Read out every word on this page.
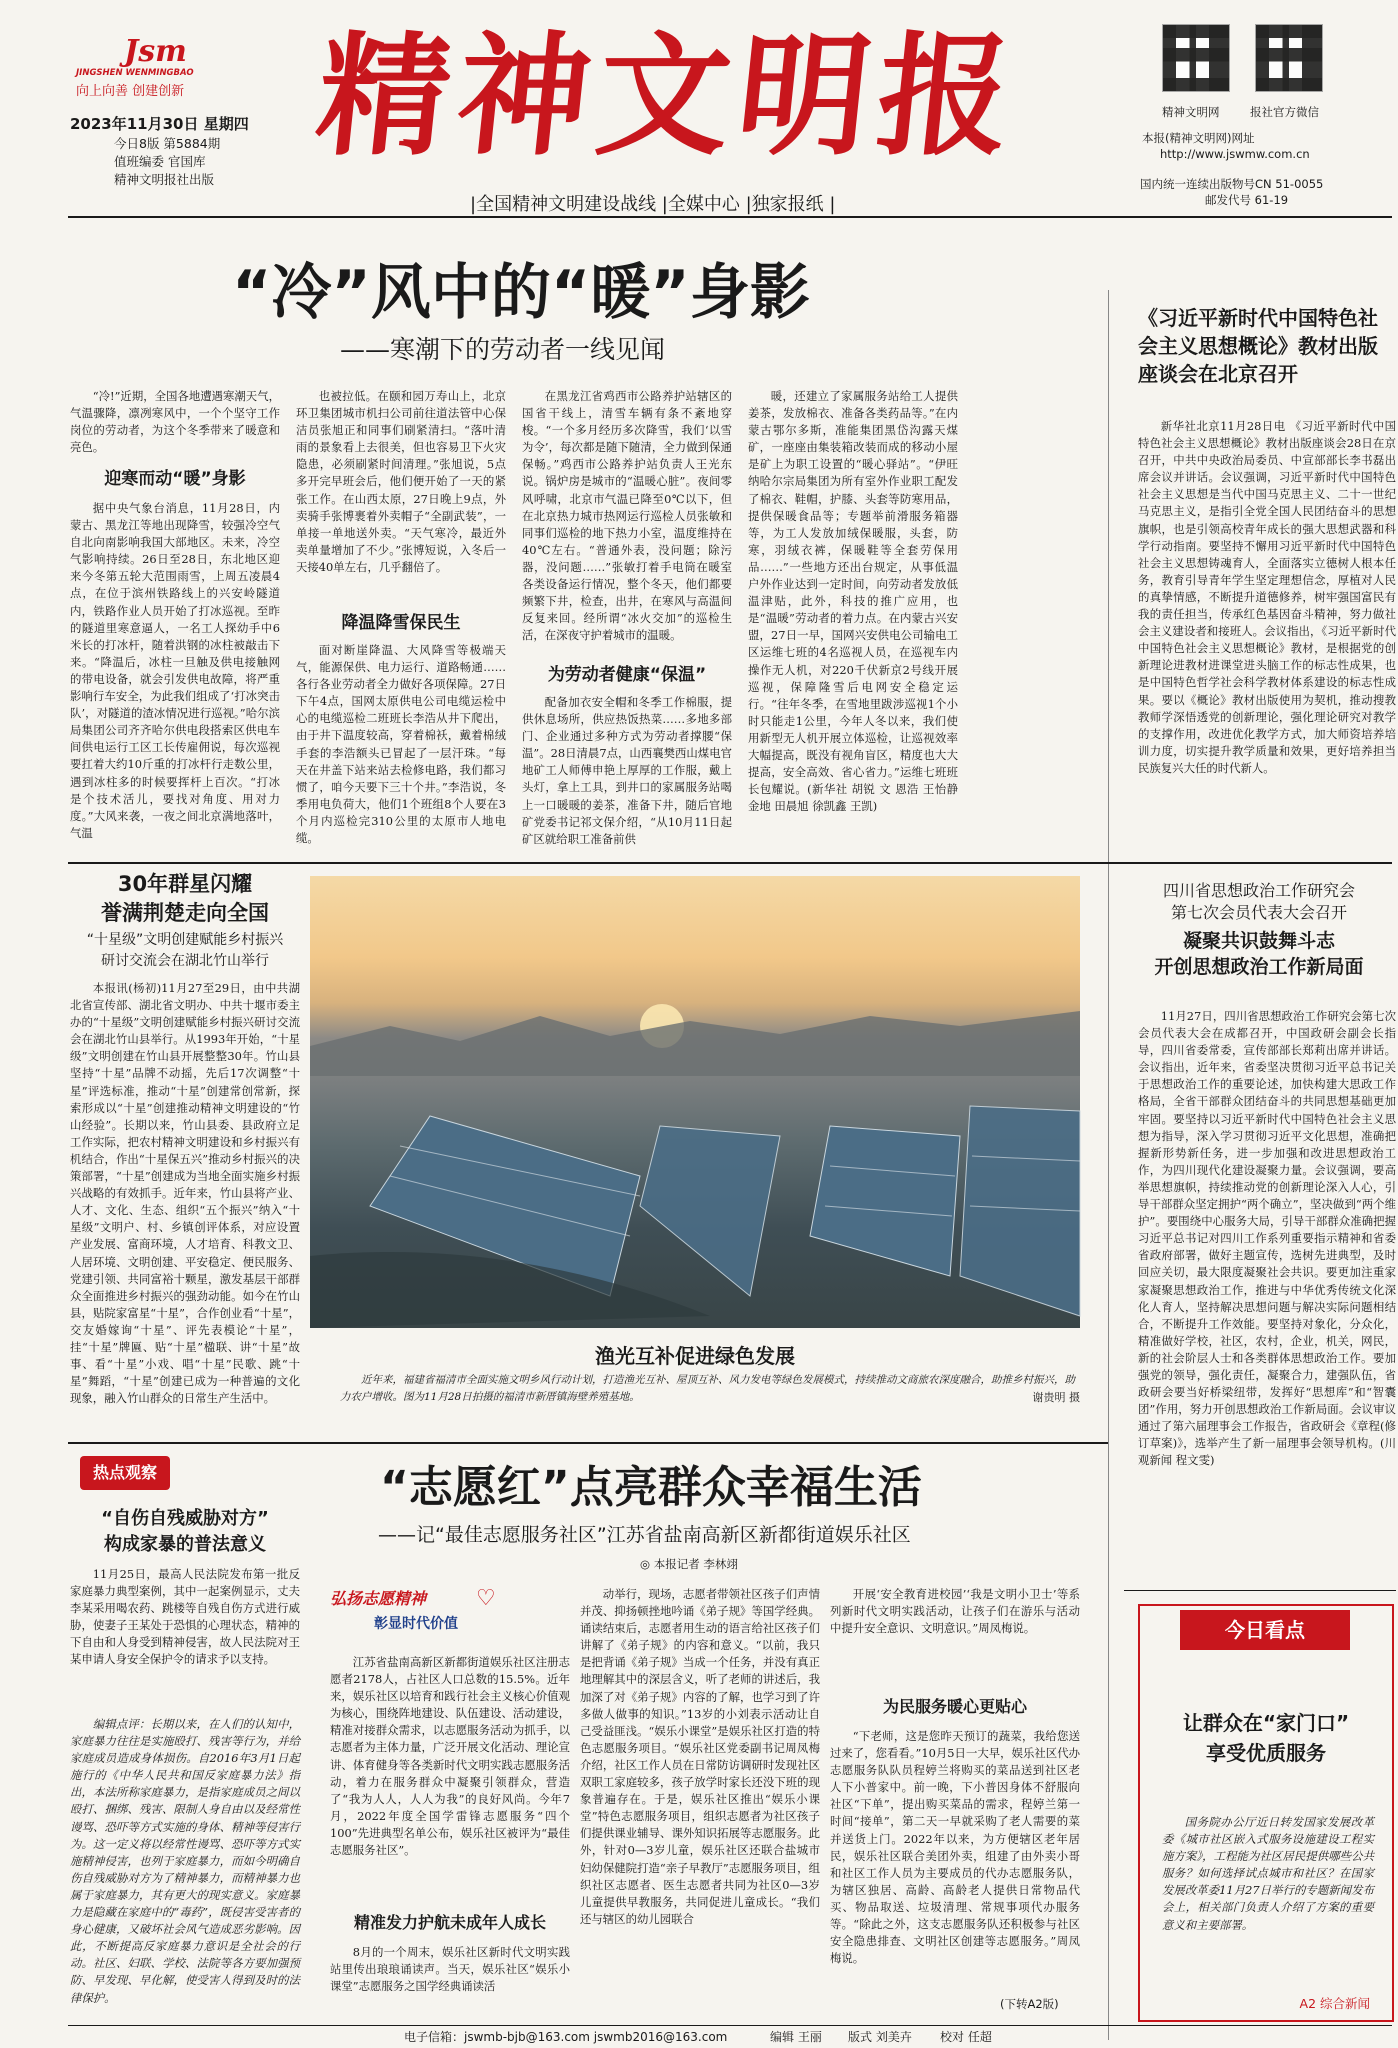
Jsm
JINGSHEN WENMINGBAO
向上向善 创建创新
2023年11月30日 星期四
今日8版 第5884期
值班编委 官国库
精神文明报社出版
精神文明报
|全国精神文明建设战线 |全媒中心 |独家报纸 |
精神文明网	报社官方微信
本报(精神文明网)网址
http://www.jswmw.com.cn
国内统一连续出版物号CN 51-0055
邮发代号 61-19
“冷”风中的“暖”身影
——寒潮下的劳动者一线见闻
“冷!”近期，全国各地遭遇寒潮天气，气温骤降，凛冽寒风中，一个个坚守工作岗位的劳动者，为这个冬季带来了暖意和亮色。
迎寒而动“暖”身影
据中央气象台消息，11月28日，内蒙古、黑龙江等地出现降雪，较强冷空气自北向南影响我国大部地区。未来，冷空气影响持续。26日至28日，东北地区迎来今冬第五轮大范围雨雪，上周五凌晨4点，在位于滨州铁路线上的兴安岭隧道内，铁路作业人员开始了打冰巡视。至昨的隧道里寒意逼人，一名工人探幼手中6米长的打冰杆，随着洪钢的冰柱被敲击下来。“降温后，冰柱一旦触及供电接触网的带电设备，就会引发供电故障，将严重影响行车安全，为此我们组成了‘打冰突击队’，对隧道的渣冰情况进行巡视。”哈尔滨局集团公司齐齐哈尔供电段搭索区供电车间供电运行工区工长传雇佣说，每次巡视要扛着大约10斤重的打冰杆行走数公里，遇到冰柱多的时候要挥杆上百次。“打冰是个技术活儿，要找对角度、用对力度。”大风来袭，一夜之间北京满地落叶，气温
也被拉低。在颐和园万寿山上，北京环卫集团城市机扫公司前往道法管中心保洁员张旭正和同事们刷紧清扫。“落叶清雨的景象看上去很美，但也容易卫下火灾隐患，必须刷紧时间清理。”张旭说，5点多开完早班会后，他们便开始了一天的紧张工作。在山西太原，27日晚上9点，外卖骑手张博裹着外卖帽子“全副武装”，一单接一单地送外卖。“天气寒冷，最近外卖单量增加了不少。”张博短说，入冬后一天接40单左右，几乎翻倍了。
降温降雪保民生
面对断崖降温、大风降雪等极端天气，能源保供、电力运行、道路畅通……各行各业劳动者全力做好各项保障。27日下午4点，国网太原供电公司电缆运检中心的电缆巡检二班班长李浩从井下爬出，由于井下温度较高，穿着棉袄，戴着棉绒手套的李浩额头已冒起了一层汗珠。“每天在井盖下站来站去检修电路，我们都习惯了，咱今天要下三十个井。”李浩说，冬季用电负荷大，他们1个班组8个人要在3个月内巡检完310公里的太原市人地电缆。
在黑龙江省鸡西市公路养护站辖区的国省干线上，清雪车辆有条不紊地穿梭。“一个多月经历多次降雪，我们‘以雪为令’，每次都是随下随清，全力做到保通保畅。”鸡西市公路养护站负责人王光东说。锅炉房是城市的“温暖心脏”。夜间零风呼啸，北京市气温已降至0℃以下，但在北京热力城市热网运行巡检人员张敏和同事们巡检的地下热力小室，温度维持在40℃左右。“普通外表，没问题；除污器，没问题……”张敏打着手电筒在暖室各类设备运行情况，整个冬天，他们都要频繁下井，检查，出井，在寒风与高温间反复来回。经所谓“冰火交加”的巡检生活，在深夜守护着城市的温暖。
为劳动者健康“保温”
配备加衣安全帽和冬季工作棉服，提供休息场所，供应热饭热菜……多地多部门、企业通过多种方式为劳动者撑腰“保温”。28日清晨7点，山西襄樊西山煤电官地矿工人师傅申艳上厚厚的工作服，戴上头灯，拿上工具，到井口的家属服务站喝上一口暖暖的姜茶，准备下井，随后官地矿党委书记祁文保介绍，“从10月11日起矿区就给职工准备前供
暖，还建立了家属服务站给工人提供姜茶，发放棉衣、准备各类药品等。”在内蒙古鄂尔多斯，准能集团黑岱沟露天煤矿，一座座由集装箱改装而成的移动小屋是矿上为职工设置的“暖心驿站”。“伊旺纳哈尔宗局集团为所有室外作业职工配发了棉衣、鞋帽，护膝、头套等防寒用品，提供保暖食品等；专题举前滑服务箱器等，为工人发放加绒保暖服，头套，防寒，羽绒衣裤，保暖鞋等全套劳保用品……”一些地方还出台规定，从事低温户外作业达到一定时间，向劳动者发放低温津贴，此外，科技的推广应用，也是“温暖”劳动者的着力点。在内蒙古兴安盟，27日一早，国网兴安供电公司输电工区运维七班的4名巡视人员，在巡视车内操作无人机，对220千伏新京2号线开展巡视，保障隆雪后电网安全稳定运行。“往年冬季，在雪地里跋涉巡视1个小时只能走1公里，今年人冬以来，我们使用新型无人机开展立体巡检，让巡视效率大幅提高，既没有视角盲区，精度也大大提高，安全高效、省心省力。”运维七班班长包耀说。(新华社 胡锐 文 恩浩 王怡静 金地 田晨旭 徐凯鑫 王凯)
《习近平新时代中国特色社会主义思想概论》教材出版座谈会在北京召开
新华社北京11月28日电 《习近平新时代中国特色社会主义思想概论》教材出版座谈会28日在京召开，中共中央政治局委员、中宣部部长李书磊出席会议并讲话。会议强调，习近平新时代中国特色社会主义思想是当代中国马克思主义、二十一世纪马克思主义，是指引全党全国人民团结奋斗的思想旗帜，也是引领高校青年成长的强大思想武器和科学行动指南。要坚持不懈用习近平新时代中国特色社会主义思想铸魂育人，全面落实立德树人根本任务，教育引导青年学生坚定理想信念，厚植对人民的真挚情感，不断提升道德修养，树牢强国富民有我的责任担当，传承红色基因奋斗精神，努力做社会主义建设者和接班人。会议指出，《习近平新时代中国特色社会主义思想概论》教材，是根据党的创新理论进教材进课堂进头脑工作的标志性成果，也是中国特色哲学社会科学教材体系建设的标志性成果。要以《概论》教材出版使用为契机，推动搜教教师学深悟透党的创新理论，强化理论研究对教学的支撑作用，改进优化教学方式，加大师资培养培训力度，切实提升教学质量和效果，更好培养担当民族复兴大任的时代新人。
30年群星闪耀
誉满荆楚走向全国
“十星级”文明创建赋能乡村振兴
研讨交流会在湖北竹山举行
本报讯(杨初)11月27至29日，由中共湖北省宣传部、湖北省文明办、中共十堰市委主办的“十星级”文明创建赋能乡村振兴研讨交流会在湖北竹山县举行。从1993年开始，“十星级”文明创建在竹山县开展整整30年。竹山县坚持“十星”品牌不动摇，先后17次调整“十星”评选标准，推动“十星”创建常创常新，探索形成以“十星”创建推动精神文明建设的“竹山经验”。长期以来，竹山县委、县政府立足工作实际，把农村精神文明建设和乡村振兴有机结合，作出“十星保五兴”推动乡村振兴的决策部署，“十星”创建成为当地全面实施乡村振兴战略的有效抓手。近年来，竹山县将产业、人才、文化、生态、组织“五个振兴”纳入“十星级”文明户、村、乡镇创评体系，对应设置产业发展、富商环境，人才培育、科教文卫、人居环境、文明创建、平安稳定、便民服务、党建引领、共同富裕十颗星，激发基层干部群众全面推进乡村振兴的强劲动能。如今在竹山县，贴院家富星“十星”，合作创业看“十星”，交友婚嫁询“十星”、评先表模论“十星”，挂“十星”牌匾、贴“十星”楹联、讲“十星”故事、看“十星”小戏、唱“十星”民歌、跳“十星”舞蹈，“十星”创建已成为一种普遍的文化现象，融入竹山群众的日常生产生活中。
渔光互补促进绿色发展
近年来，福建省福清市全面实施文明乡风行动计划，打造渔光互补、屋顶互补、风力发电等绿色发展模式，持续推动文商旅农深度融合，助推乡村振兴，助力农户增收。图为11月28日拍摄的福清市新厝镇海壁养殖基地。	谢贵明 摄
四川省思想政治工作研究会
第七次会员代表大会召开
凝聚共识鼓舞斗志
开创思想政治工作新局面
11月27日，四川省思想政治工作研究会第七次会员代表大会在成都召开，中国政研会副会长指导，四川省委常委，宣传部部长郑莉出席并讲话。会议指出，近年来，省委坚决贯彻习近平总书记关于思想政治工作的重要论述，加快构建大思政工作格局，全省干部群众团结奋斗的共同思想基础更加牢固。要坚持以习近平新时代中国特色社会主义思想为指导，深入学习贯彻习近平文化思想，准确把握新形势新任务，进一步加强和改进思想政治工作，为四川现代化建设凝聚力量。会议强调，要高举思想旗帜，持续推动党的创新理论深入人心，引导干部群众坚定拥护“两个确立”，坚决做到“两个维护”。要围绕中心服务大局，引导干部群众准确把握习近平总书记对四川工作系列重要指示精神和省委省政府部署，做好主题宣传，选树先进典型，及时回应关切，最大限度凝聚社会共识。要更加注重家家凝聚思想政治工作，推进与中华优秀传统文化深化人育人，坚持解决思想问题与解决实际问题相结合，不断提升工作效能。要坚持对象化，分众化，精准做好学校，社区，农村，企业，机关，网民，新的社会阶层人士和各类群体思想政治工作。要加强党的领导，强化责任，凝聚合力，建强队伍，省政研会要当好桥梁纽带，发挥好“思想库”和“智囊团”作用，努力开创思想政治工作新局面。会议审议通过了第六届理事会工作报告，省政研会《章程(修订草案)》，选举产生了新一届理事会领导机构。(川观新闻 程文雯)
热点观察
“自伤自残威胁对方”
构成家暴的普法意义
11月25日，最高人民法院发布第一批反家庭暴力典型案例，其中一起案例显示，丈夫李某采用喝农药、跳楼等自残自伤方式进行威胁，使妻子王某处于恐惧的心理状态，精神的下自由和人身受到精神侵害，故人民法院对王某申请人身安全保护令的请求予以支持。
编辑点评：长期以来，在人们的认知中，家庭暴力往往是实施殴打、残害等行为，并给家庭成员造成身体损伤。自2016年3月1日起施行的《中华人民共和国反家庭暴力法》指出，本法所称家庭暴力，是指家庭成员之间以殴打、捆绑、残害、限制人身自由以及经常性谩骂、恐吓等方式实施的身体、精神等侵害行为。这一定义将以经常性谩骂、恐吓等方式实施精神侵害，也列于家庭暴力，而如今明确自伤自残威胁对方为了精神暴力，而精神暴力也属于家庭暴力，其有更大的现实意义。家庭暴力是隐藏在家庭中的“毒药”，既侵害受害者的身心健康，又破坏社会风气造成恶劣影响。因此，不断提高反家庭暴力意识是全社会的行动。社区、妇联、学校、法院等各方要加强预防、早发现、早化解，使受害人得到及时的法律保护。
“志愿红”点亮群众幸福生活
——记“最佳志愿服务社区”江苏省盐南高新区新都街道娱乐社区
◎ 本报记者 李林翊
弘扬志愿精神
彰显时代价值
♡
江苏省盐南高新区新都街道娱乐社区注册志愿者2178人，占社区人口总数的15.5%。近年来，娱乐社区以培育和践行社会主义核心价值观为核心，围绕阵地建设、队伍建设、活动建设，精准对接群众需求，以志愿服务活动为抓手，以志愿者为主体力量，广泛开展文化活动、理论宣讲、体育健身等各类新时代文明实践志愿服务活动，着力在服务群众中凝聚引领群众，营造了“我为人人，人人为我”的良好风尚。今年7月，2022年度全国学雷锋志愿服务“四个100”先进典型名单公布，娱乐社区被评为“最佳志愿服务社区”。
精准发力护航未成年人成长
8月的一个周末，娱乐社区新时代文明实践站里传出琅琅诵读声。当天，娱乐社区“娱乐小课堂”志愿服务之国学经典诵读活
动举行，现场，志愿者带领社区孩子们声情并茂、抑扬顿挫地吟诵《弟子规》等国学经典。诵读结束后，志愿者用生动的语言给社区孩子们讲解了《弟子规》的内容和意义。“以前，我只是把背诵《弟子规》当成一个任务，并没有真正地理解其中的深层含义，听了老师的讲述后，我加深了对《弟子规》内容的了解，也学习到了许多做人做事的知识。”13岁的小刘表示活动让自己受益匪浅。“娱乐小课堂”是娱乐社区打造的特色志愿服务项目。“娱乐社区党委副书记周凤梅介绍，社区工作人员在日常防访调研时发现社区双职工家庭较多，孩子放学时家长还没下班的现象普遍存在。于是，娱乐社区推出“娱乐小课堂”特色志愿服务项目，组织志愿者为社区孩子们提供课业辅导、课外知识拓展等志愿服务。此外，针对0—3岁儿童，娱乐社区还联合盐城市妇幼保健院打造“亲子早教厅”志愿服务项目，组织社区志愿者、医生志愿者共同为社区0—3岁儿童提供早教服务，共同促进儿童成长。“我们还与辖区的幼儿园联合
开展‘安全教育进校园’‘我是文明小卫士’等系列新时代文明实践活动，让孩子们在游乐与活动中提升安全意识、文明意识。”周凤梅说。
为民服务暖心更贴心
“下老师，这是您昨天预订的蔬菜，我给您送过来了，您看看。”10月5日一大早，娱乐社区代办志愿服务队队员程婷兰将购买的菜品送到社区老人下小普家中。前一晚，下小普因身体不舒服向社区“下单”，提出购买菜品的需求，程婷兰第一时间“接单”，第二天一早就采购了老人需要的菜并送货上门。2022年以来，为方便辖区老年居民，娱乐社区联合美团外卖，组建了由外卖小哥和社区工作人员为主要成员的代办志愿服务队，为辖区独居、高龄、高龄老人提供日常物品代买、物品取送、垃圾清理、常规事项代办服务等。“除此之外，这支志愿服务队还积极参与社区安全隐患排查、文明社区创建等志愿服务。”周凤梅说。
(下转A2版)
今日看点
让群众在“家门口”
享受优质服务
国务院办公厅近日转发国家发展改革委《城市社区嵌入式服务设施建设工程实施方案》，工程能为社区居民提供哪些公共服务？如何选择试点城市和社区？在国家发展改革委11月27日举行的专题新闻发布会上，相关部门负责人介绍了方案的重要意义和主要部署。
A2 综合新闻
电子信箱：jswmb-bjb@163.com jswmb2016@163.com	编辑 王丽 版式 刘美卉 校对 任超
